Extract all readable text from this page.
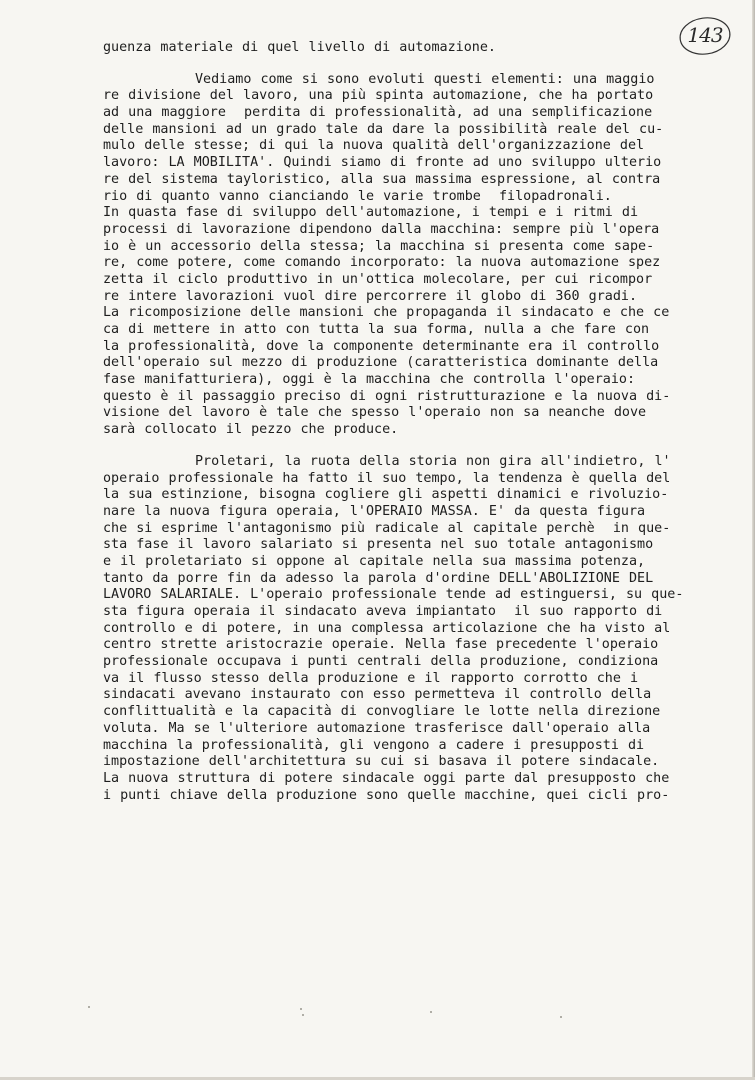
143
guenza materiale di quel livello di automazione.
Vediamo come si sono evoluti questi elementi: una maggio
re divisione del lavoro, una più spinta automazione, che ha portato
ad una maggiore  perdita di professionalità, ad una semplificazione
delle mansioni ad un grado tale da dare la possibilità reale del cu-
mulo delle stesse; di qui la nuova qualità dell'organizzazione del
lavoro: LA MOBILITA'. Quindi siamo di fronte ad uno sviluppo ulterio
re del sistema tayloristico, alla sua massima espressione, al contra
rio di quanto vanno cianciando le varie trombe  filopadronali.
In quasta fase di sviluppo dell'automazione, i tempi e i ritmi di
processi di lavorazione dipendono dalla macchina: sempre più l'opera
io è un accessorio della stessa; la macchina si presenta come sape-
re, come potere, come comando incorporato: la nuova automazione spez
zetta il ciclo produttivo in un'ottica molecolare, per cui ricompor
re intere lavorazioni vuol dire percorrere il globo di 360 gradi.
La ricomposizione delle mansioni che propaganda il sindacato e che ce
ca di mettere in atto con tutta la sua forma, nulla a che fare con
la professionalità, dove la componente determinante era il controllo
dell'operaio sul mezzo di produzione (caratteristica dominante della
fase manifatturiera), oggi è la macchina che controlla l'operaio:
questo è il passaggio preciso di ogni ristrutturazione e la nuova di-
visione del lavoro è tale che spesso l'operaio non sa neanche dove
sarà collocato il pezzo che produce.
Proletari, la ruota della storia non gira all'indietro, l'
operaio professionale ha fatto il suo tempo, la tendenza è quella del
la sua estinzione, bisogna cogliere gli aspetti dinamici e rivoluzio-
nare la nuova figura operaia, l'OPERAIO MASSA. E' da questa figura
che si esprime l'antagonismo più radicale al capitale perchè  in que-
sta fase il lavoro salariato si presenta nel suo totale antagonismo
e il proletariato si oppone al capitale nella sua massima potenza,
tanto da porre fin da adesso la parola d'ordine DELL'ABOLIZIONE DEL
LAVORO SALARIALE. L'operaio professionale tende ad estinguersi, su que-
sta figura operaia il sindacato aveva impiantato  il suo rapporto di
controllo e di potere, in una complessa articolazione che ha visto al
centro strette aristocrazie operaie. Nella fase precedente l'operaio
professionale occupava i punti centrali della produzione, condiziona
va il flusso stesso della produzione e il rapporto corrotto che i
sindacati avevano instaurato con esso permetteva il controllo della
conflittualità e la capacità di convogliare le lotte nella direzione
voluta. Ma se l'ulteriore automazione trasferisce dall'operaio alla
macchina la professionalità, gli vengono a cadere i presupposti di
impostazione dell'architettura su cui si basava il potere sindacale.
La nuova struttura di potere sindacale oggi parte dal presupposto che
i punti chiave della produzione sono quelle macchine, quei cicli pro-
